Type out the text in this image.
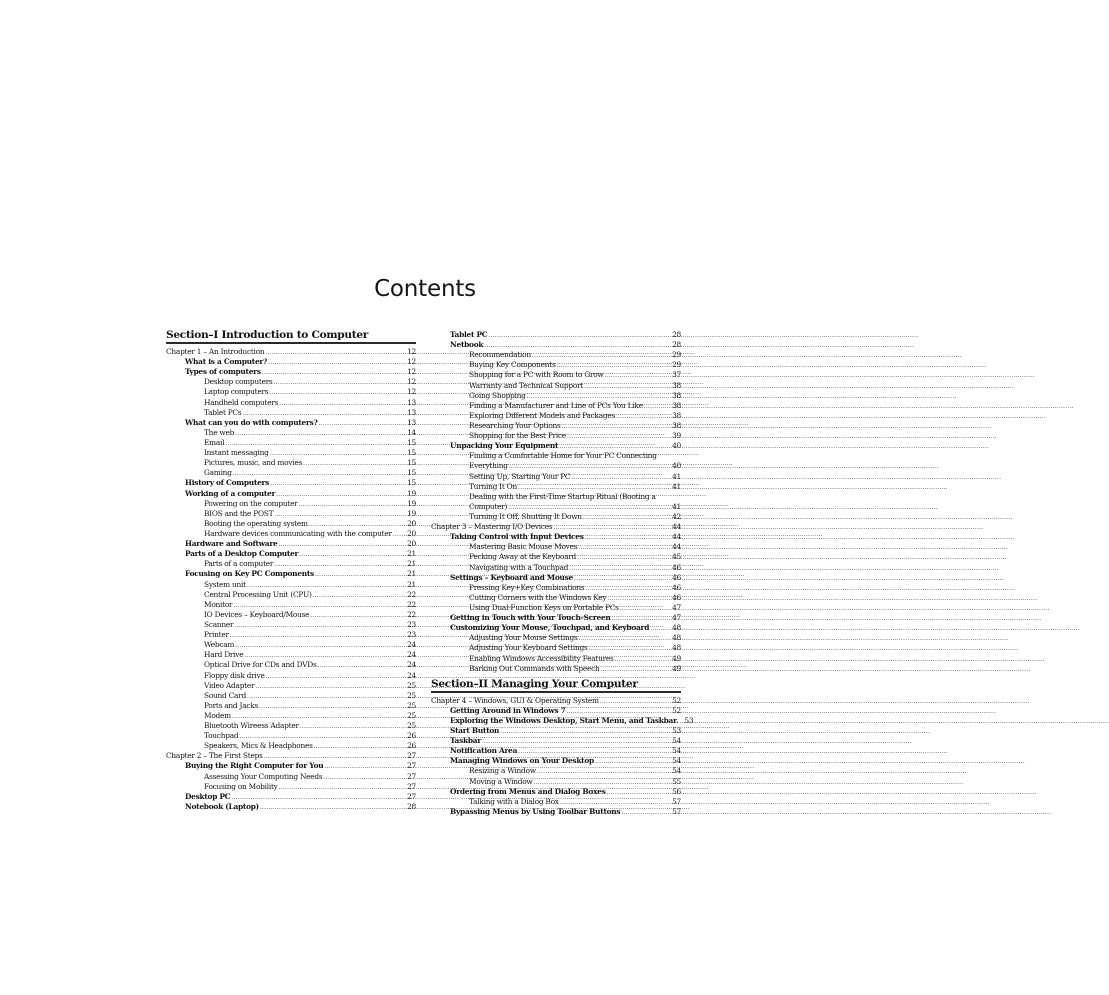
Contents
Section–I Introduction to Computer
Chapter 1 – An Introduction .....	12
What is a Computer? .....	12
Types of computers .....	12
Desktop computers .....	12
Laptop computers .....	12
Handheld computers .....	13
Tablet PCs .....	13
What can you do with computers? .....	13
The web .....	14
Email .....	15
Instant messaging .....	15
Pictures, music, and movies .....	15
Gaming .....	15
History of Computers .....	15
Working of a computer .....	19
Powering on the computer .....	19
BIOS and the POST .....	19
Booting the operating system .....	20
Hardware devices communicating with the computer ..... 20
Hardware and Software .....	20
Parts of a Desktop Computer .....	21
Parts of a computer .....	21
Focusing on Key PC Components .....	21
System unit .....	21
Central Processing Unit (CPU) .....	22
Monitor .....	22
IO Devices – Keyboard/Mouse .....	22
Scanner .....	23
Printer .....	23
Webcam .....	24
Hard Drive .....	24
Optical Drive for CDs and DVDs .....	24
Floppy disk drive .....	24
Video Adapter .....	25
Sound Card .....	25
Ports and Jacks .....	25
Modem .....	25
Bluetooth Wireess Adapter .....	25
Touchpad .....	26
Speakers, Mics & Headphones .....	26
Chapter 2 – The First Steps .....	27
Buying the Right Computer for You .....	27
Assessing Your Computing Needs .....	27
Focusing on Mobility .....	27
Desktop PC .....	27
Notebook (Laptop) .....	28
Tablet PC .....	28
Netbook .....	28
Recommendation .....	29
Buying Key Components .....	29
Shopping for a PC with Room to Grow .....	37
Warranty and Technical Support .....	38
Going Shopping .....	38
Finding a Manufacturer and Line of PCs You Like .....	38
Exploring Different Models and Packages .....	38
Researching Your Options .....	38
Shopping for the Best Price .....	39
Unpacking Your Equipment .....	40
Finding a Comfortable Home for Your PC Connecting
Everything .....	40
Setting Up, Starting Your PC .....	41
Turning It On .....	41
Dealing with the First-Time Startup Ritual (Booting a
Computer) .....	41
Turning It Off, Shutting It Down .....	42
Chapter 3 – Mastering I/O Devices .....	44
Taking Control with Input Devices .....	44
Mastering Basic Mouse Moves .....	44
Pecking Away at the Keyboard .....	45
Navigating with a Touchpad .....	46
Settings – Keyboard and Mouse .....	46
Pressing Key+Key Combinations .....	46
Cutting Corners with the Windows Key .....	46
Using Dual-Function Keys on Portable PCs .....	47
Getting in Touch with Your Touch-Screen .....	47
Customizing Your Mouse, Touchpad, and Keyboard .....	48
Adjusting Your Mouse Settings .....	48
Adjusting Your Keyboard Settings .....	48
Enabling Windows Accessibility Features .....	49
Barking Out Commands with Speech .....	49
Section–II Managing Your Computer
Chapter 4 – Windows, GUI & Operating System .....	52
Getting Around in Windows 7 .....	52
Exploring the Windows Desktop, Start Menu, and Taskbar. ..... 53
Start Button .....	53
Taskbar .....	54
Notification Area .....	54
Managing Windows on Your Desktop .....	54
Resizing a Window .....	54
Moving a Window .....	55
Ordering from Menus and Dialog Boxes .....	56
Talking with a Dialog Box .....	57
Bypassing Menus by Using Toolbar Buttons .....	57
